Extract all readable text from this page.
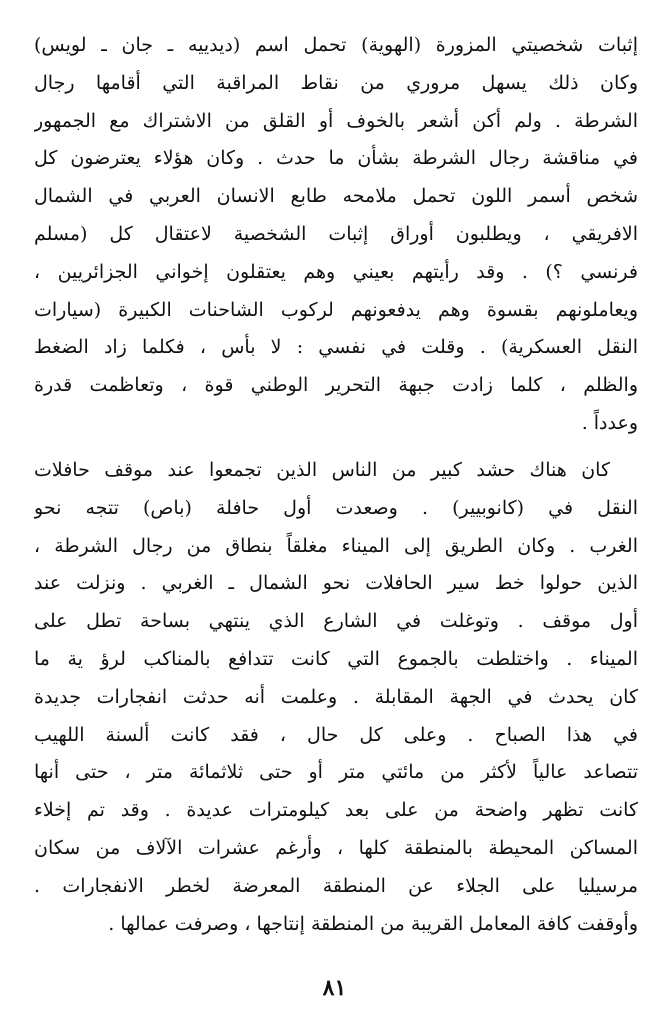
إثبات شخصيتي المزورة (الهوية) تحمل اسم (ديدييه ـ جان ـ لويس)
وكان ذلك يسهل مروري من نقاط المراقبة التي أقامها رجال
الشرطة . ولم أكن أشعر بالخوف أو القلق من الاشتراك مع الجمهور
في مناقشة رجال الشرطة بشأن ما حدث . وكان هؤلاء يعترضون كل
شخص أسمر اللون تحمل ملامحه طابع الانسان العربي في الشمال
الافريقي ، ويطلبون أوراق إثبات الشخصية لاعتقال كل (مسلم
فرنسي ؟) . وقد رأيتهم بعيني وهم يعتقلون إخواني الجزائريين ،
ويعاملونهم بقسوة وهم يدفعونهم لركوب الشاحنات الكبيرة (سيارات
النقل العسكرية) . وقلت في نفسي : لا بأس ، فكلما زاد الضغط
والظلم ، كلما زادت جبهة التحرير الوطني قوة ، وتعاظمت قدرة
وعدداً .
كان هناك حشد كبير من الناس الذين تجمعوا عند موقف حافلات
النقل في (كانوبيير) . وصعدت أول حافلة (باص) تتجه نحو
الغرب . وكان الطريق إلى الميناء مغلقاً بنطاق من رجال الشرطة ،
الذين حولوا خط سير الحافلات نحو الشمال ـ الغربي . ونزلت عند
أول موقف . وتوغلت في الشارع الذي ينتهي بساحة تطل على
الميناء . واختلطت بالجموع التي كانت تتدافع بالمناكب لرؤ ية ما
كان يحدث في الجهة المقابلة . وعلمت أنه حدثت انفجارات جديدة
في هذا الصباح . وعلى كل حال ، فقد كانت ألسنة اللهيب
تتصاعد عالياً لأكثر من مائتي متر أو حتى ثلاثمائة متر ، حتى أنها
كانت تظهر واضحة من على بعد كيلومترات عديدة . وقد تم إخلاء
المساكن المحيطة بالمنطقة كلها ، وأرغم عشرات الآلاف من سكان
مرسيليا على الجلاء عن المنطقة المعرضة لخطر الانفجارات .
وأوقفت كافة المعامل القريبة من المنطقة إنتاجها ، وصرفت عمالها .
٨١
